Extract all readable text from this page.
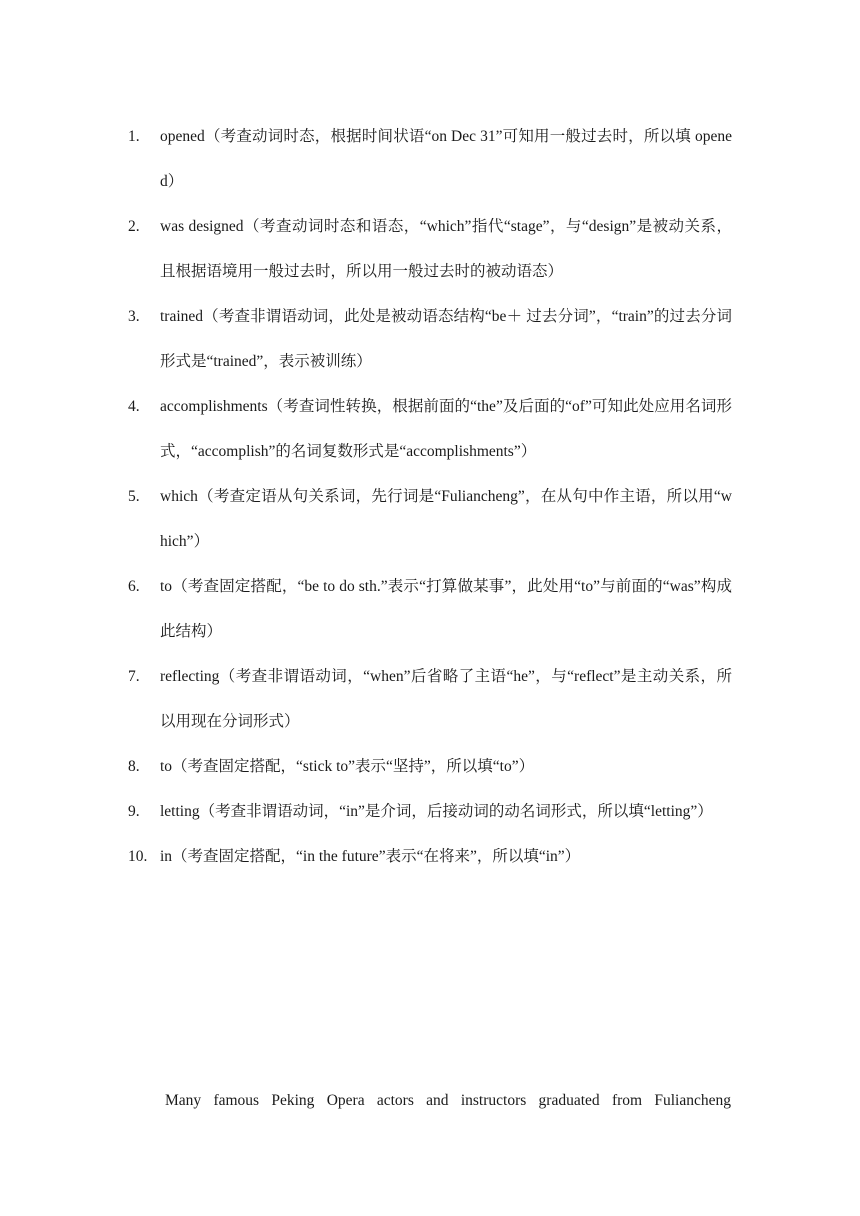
1.	opened（考查动词时态，根据时间状语“on Dec 31”可知用一般过去时，所以填 opened）
2.	was designed（考查动词时态和语态，“which”指代“stage”，与“design”是被动关系，且根据语境用一般过去时，所以用一般过去时的被动语态）
3.	trained（考查非谓语动词，此处是被动语态结构“be＋ 过去分词”，“train”的过去分词形式是“trained”，表示被训练）
4.	accomplishments（考查词性转换，根据前面的“the”及后面的“of”可知此处应用名词形式，“accomplish”的名词复数形式是“accomplishments”）
5.	which（考查定语从句关系词，先行词是“Fuliancheng”，在从句中作主语，所以用“which”）
6.	to（考查固定搭配，“be to do sth.”表示“打算做某事”，此处用“to”与前面的“was”构成此结构）
7.	reflecting（考查非谓语动词，“when”后省略了主语“he”，与“reflect”是主动关系，所以用现在分词形式）
8.	to（考查固定搭配，“stick to”表示“坚持”，所以填“to”）
9.	letting（考查非谓语动词，“in”是介词，后接动词的动名词形式，所以填“letting”）
10. in（考查固定搭配，“in the future”表示“在将来”，所以填“in”）

Many famous Peking Opera actors and instructors graduated from Fuliancheng
